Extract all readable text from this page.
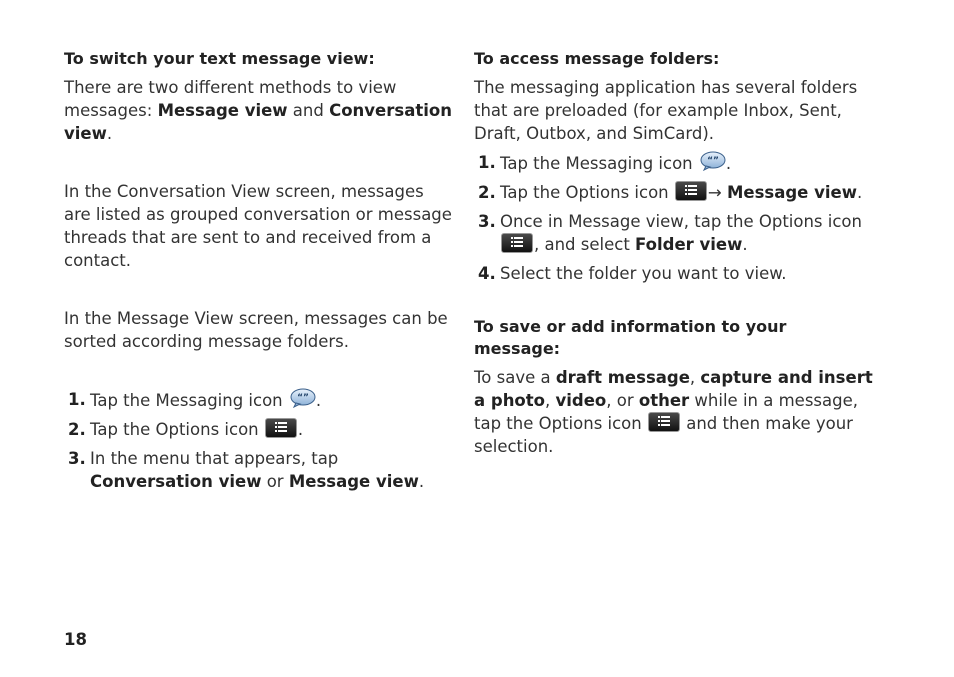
To switch your text message view:

There are two different methods to view messages: Message view and Conversation view.

In the Conversation View screen, messages are listed as grouped conversation or message threads that are sent to and received from a contact.

In the Message View screen, messages can be sorted according message folders.

1. Tap the Messaging icon “” .
2. Tap the Options icon
.
3. In the menu that appears, tap Conversation view or Message view.
To access message folders:

The messaging application has several folders that are preloaded (for example Inbox, Sent, Draft, Outbox, and SimCard).

1. Tap the Messaging icon “” .
2. Tap the Options icon
→ Message view.
3. Once in Message view, tap the Options icon
, and select Folder view.
4. Select the folder you want to view.
To save or add information to your message:

To save a draft message, capture and insert a photo, video, or other while in a message, tap the Options icon
and then make your selection.

18
